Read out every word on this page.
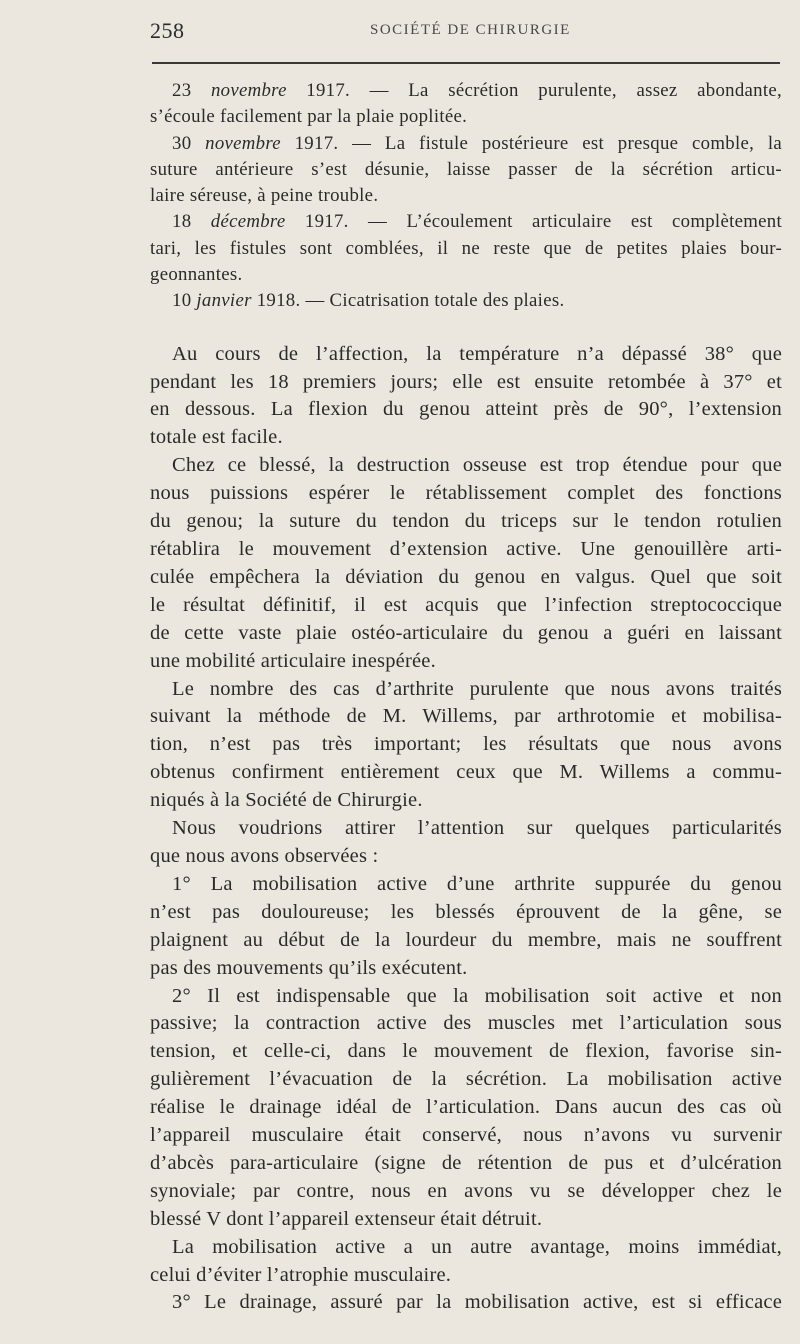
258	SOCIÉTÉ DE CHIRURGIE

23 novembre 1917. — La sécrétion purulente, assez abondante,

s’écoule facilement par la plaie poplitée.

30 novembre 1917. — La fistule postérieure est presque comble, la

suture antérieure s’est désunie, laisse passer de la sécrétion articu-

laire séreuse, à peine trouble.

18 décembre 1917. — L’écoulement articulaire est complètement

tari, les fistules sont comblées, il ne reste que de petites plaies bour-

geonnantes.

10 janvier 1918. — Cicatrisation totale des plaies.

Au cours de l’affection, la température n’a dépassé 38° que

pendant les 18 premiers jours; elle est ensuite retombée à 37° et

en dessous. La flexion du genou atteint près de 90°, l’extension

totale est facile.

Chez ce blessé, la destruction osseuse est trop étendue pour que

nous puissions espérer le rétablissement complet des fonctions

du genou; la suture du tendon du triceps sur le tendon rotulien

rétablira le mouvement d’extension active. Une genouillère arti-

culée empêchera la déviation du genou en valgus. Quel que soit

le résultat définitif, il est acquis que l’infection streptococcique

de cette vaste plaie ostéo-articulaire du genou a guéri en laissant

une mobilité articulaire inespérée.

Le nombre des cas d’arthrite purulente que nous avons traités

suivant la méthode de M. Willems, par arthrotomie et mobilisa-

tion, n’est pas très important; les résultats que nous avons

obtenus confirment entièrement ceux que M. Willems a commu-

niqués à la Société de Chirurgie.

Nous voudrions attirer l’attention sur quelques particularités

que nous avons observées :

1° La mobilisation active d’une arthrite suppurée du genou

n’est pas douloureuse; les blessés éprouvent de la gêne, se

plaignent au début de la lourdeur du membre, mais ne souffrent

pas des mouvements qu’ils exécutent.

2° Il est indispensable que la mobilisation soit active et non

passive; la contraction active des muscles met l’articulation sous

tension, et celle-ci, dans le mouvement de flexion, favorise sin-

gulièrement l’évacuation de la sécrétion. La mobilisation active

réalise le drainage idéal de l’articulation. Dans aucun des cas où

l’appareil musculaire était conservé, nous n’avons vu survenir

d’abcès para-articulaire (signe de rétention de pus et d’ulcération

synoviale; par contre, nous en avons vu se développer chez le

blessé V dont l’appareil extenseur était détruit.

La mobilisation active a un autre avantage, moins immédiat,

celui d’éviter l’atrophie musculaire.

3° Le drainage, assuré par la mobilisation active, est si efficace
